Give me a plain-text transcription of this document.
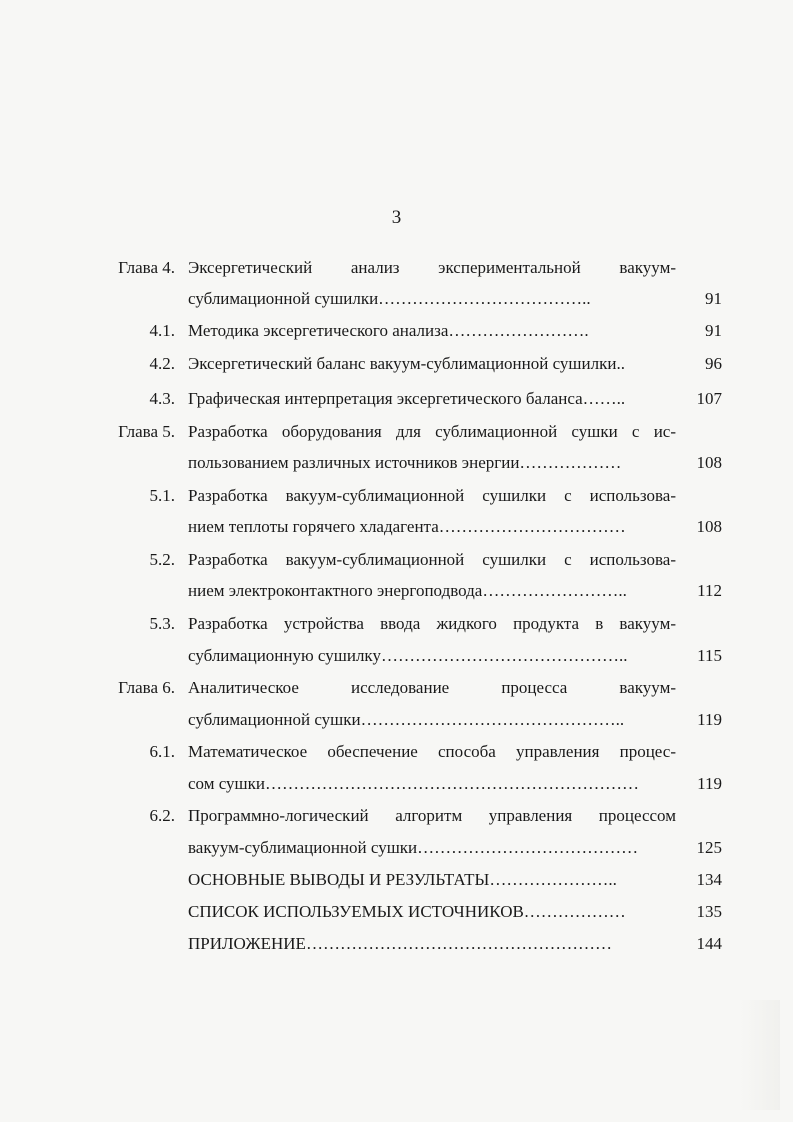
3
Глава 4. Эксергетический анализ экспериментальной вакуум-
сублимационной сушилки………………………………..	91
4.1. Методика эксергетического анализа…………………….	91
4.2. Эксергетический баланс вакуум-сублимационной сушилки..	96
4.3. Графическая интерпретация эксергетического баланса……..	107
Глава 5. Разработка оборудования для сублимационной сушки с ис-
пользованием различных источников энергии………………	108
5.1. Разработка вакуум-сублимационной сушилки с использова-
нием теплоты горячего хладагента……………………………	108
5.2. Разработка вакуум-сублимационной сушилки с использова-
нием электроконтактного энергоподвода……………………..	112
5.3. Разработка устройства ввода жидкого продукта в вакуум-
сублимационную сушилку……………………………………..	115
Глава 6. Аналитическое исследование процесса вакуум-
сублимационной сушки………………………………………..	119
6.1. Математическое обеспечение способа управления процес-
сом сушки…………………………………………………………	119
6.2. Программно-логический алгоритм управления процессом
вакуум-сублимационной сушки…………………………………	125
ОСНОВНЫЕ ВЫВОДЫ И РЕЗУЛЬТАТЫ…………………..	134
СПИСОК ИСПОЛЬЗУЕМЫХ ИСТОЧНИКОВ………………	135
ПРИЛОЖЕНИЕ………………………………………………	144
